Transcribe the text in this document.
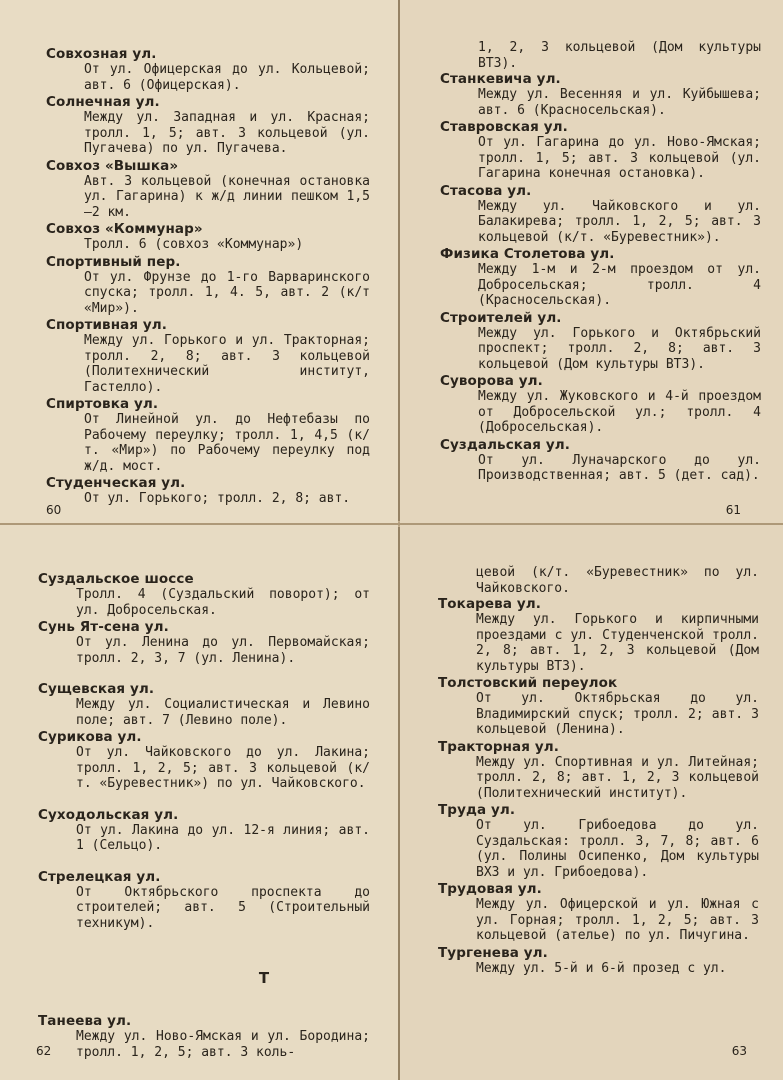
Совхозная ул.
От ул. Офицерская до ул. Кольцевой; авт. 6 (Офицерская).
Солнечная ул.
Между ул. Западная и ул. Красная; тролл. 1, 5; авт. 3 кольцевой (ул. Пугачева) по ул. Пугачева.
Совхоз «Вышка»
Авт. 3 кольцевой (конечная остановка ул. Гагарина) к ж/д линии пешком 1,5—2 км.
Совхоз «Коммунар»
Тролл. 6 (совхоз «Коммунар»)
Спортивный пер.
От ул. Фрунзе до 1-го Варваринского спуска; тролл. 1, 4. 5, авт. 2 (к/т «Мир»).
Спортивная ул.
Между ул. Горького и ул. Тракторная; тролл. 2, 8; авт. 3 кольцевой (Политехнический институт, Гастелло).
Спиртовка ул.
От Линейной ул. до Нефтебазы по Рабочему переулку; тролл. 1, 4,5 (к/т. «Мир») по Рабочему переулку под ж/д. мост.
Студенческая ул.
От ул. Горького; тролл. 2, 8; авт.
60
1, 2, 3 кольцевой (Дом культуры ВТЗ).
Станкевича ул.
Между ул. Весенняя и ул. Куйбышева; авт. 6 (Красносельская).
Ставровская ул.
От ул. Гагарина до ул. Ново-Ямская; тролл. 1, 5; авт. 3 кольцевой (ул. Гагарина конечная остановка).
Стасова ул.
Между ул. Чайковского и ул. Балакирева; тролл. 1, 2, 5; авт. 3 кольцевой (к/т. «Буревестник»).
Физика Столетова ул.
Между 1-м и 2-м проездом от ул. Добросельская; тролл. 4 (Красносельская).
Строителей ул.
Между ул. Горького и Октябрьский проспект; тролл. 2, 8; авт. 3 кольцевой (Дом культуры ВТЗ).
Суворова ул.
Между ул. Жуковского и 4-й проездом от Добросельской ул.; тролл. 4 (Добросельская).
Суздальская ул.
От ул. Луначарского до ул. Производственная; авт. 5 (дет. сад).
61
Суздальское шоссе
Тролл. 4 (Суздальский поворот); от ул. Добросельская.
Сунь Ят-сена ул.
От ул. Ленина до ул. Первомайская; тролл. 2, 3, 7 (ул. Ленина).
Сущевская ул.
Между ул. Социалистическая и Левино поле; авт. 7 (Левино поле).
Сурикова ул.
От ул. Чайковского до ул. Лакина; тролл. 1, 2, 5; авт. 3 кольцевой (к/т. «Буревестник») по ул. Чайковского.
Суходольская ул.
От ул. Лакина до ул. 12-я линия; авт. 1 (Сельцо).
Стрелецкая ул.
От Октябрьского проспекта до строителей; авт. 5 (Строительный техникум).
Т
Танеева ул.
Между ул. Ново-Ямская и ул. Бородина; тролл. 1, 2, 5; авт. 3 коль-
62
цевой (к/т. «Буревестник» по ул. Чайковского.
Токарева ул.
Между ул. Горького и кирпичными проездами с ул. Студенченской тролл. 2, 8; авт. 1, 2, 3 кольцевой (Дом культуры ВТЗ).
Толстовский переулок
От ул. Октябрьская до ул. Владимирский спуск; тролл. 2; авт. 3 кольцевой (Ленина).
Тракторная ул.
Между ул. Спортивная и ул. Литейная; тролл. 2, 8; авт. 1, 2, 3 кольцевой (Политехнический институт).
Труда ул.
От ул. Грибоедова до ул. Суздальская: тролл. 3, 7, 8; авт. 6 (ул. Полины Осипенко, Дом культуры ВХЗ и ул. Грибоедова).
Трудовая ул.
Между ул. Офицерской и ул. Южная с ул. Горная; тролл. 1, 2, 5; авт. 3 кольцевой (ателье) по ул. Пичугина.
Тургенева ул.
Между ул. 5-й и 6-й прозед с ул.
63
